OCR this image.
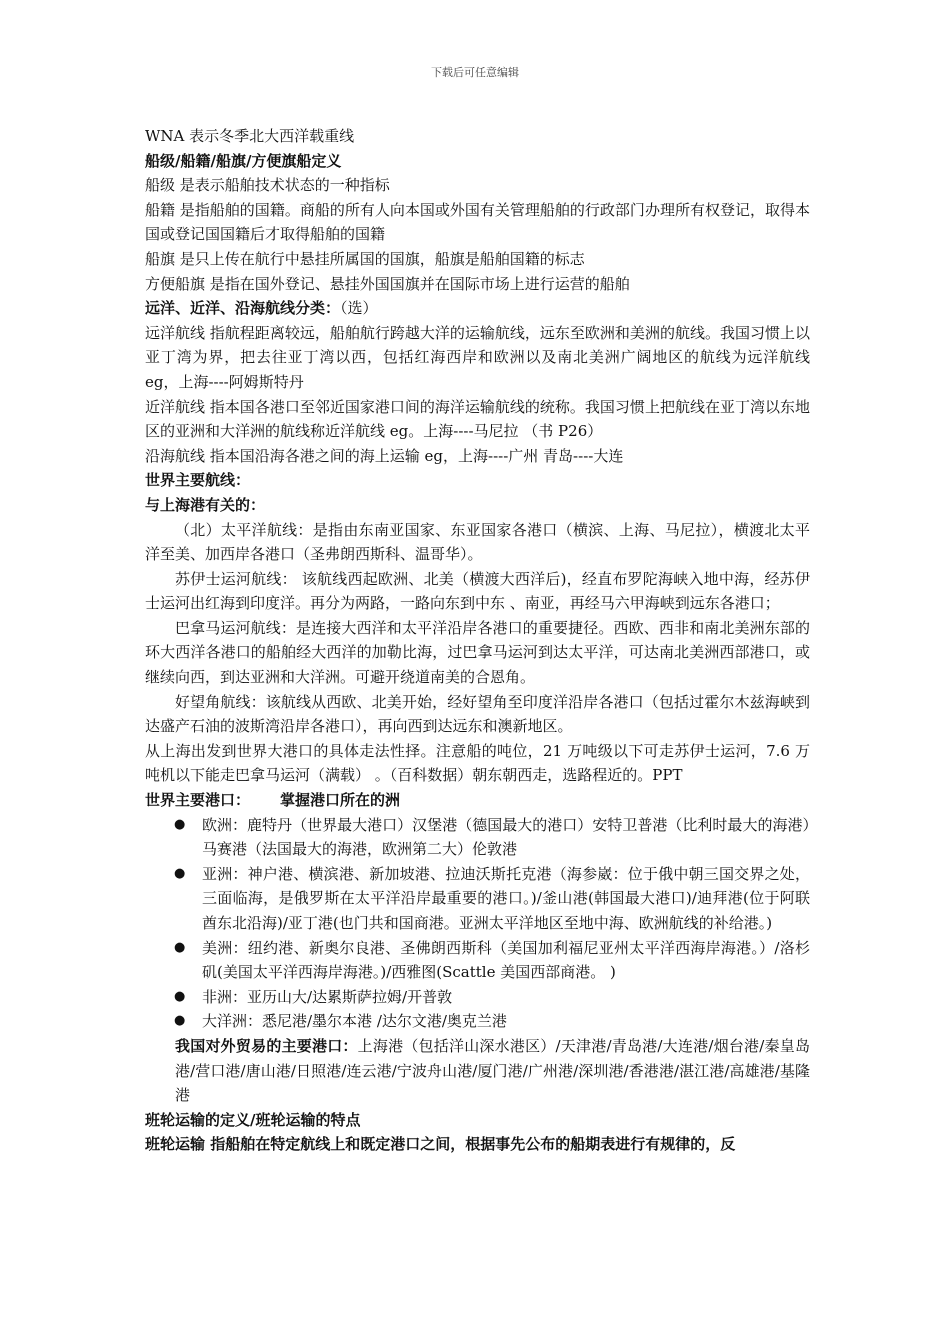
下载后可任意编辑

WNA 表示冬季北大西洋载重线

船级/船籍/船旗/方便旗船定义

船级 是表示船舶技术状态的一种指标

船籍 是指船舶的国籍。商船的所有人向本国或外国有关管理船舶的行政部门办理所有权登记，取得本国或登记国国籍后才取得船舶的国籍

船旗 是只上传在航行中悬挂所属国的国旗，船旗是船舶国籍的标志

方便船旗 是指在国外登记、悬挂外国国旗并在国际市场上进行运营的船舶

远洋、近洋、沿海航线分类：（选）

远洋航线 指航程距离较远，船舶航行跨越大洋的运输航线，远东至欧洲和美洲的航线。我国习惯上以亚丁湾为界，把去往亚丁湾以西，包括红海西岸和欧洲以及南北美洲广阔地区的航线为远洋航线 eg，上海----阿姆斯特丹

近洋航线 指本国各港口至邻近国家港口间的海洋运输航线的统称。我国习惯上把航线在亚丁湾以东地区的亚洲和大洋洲的航线称近洋航线 eg。上海----马尼拉 （书 P26）

沿海航线 指本国沿海各港之间的海上运输 eg，上海----广州 青岛----大连

世界主要航线：

与上海港有关的：

（北）太平洋航线：是指由东南亚国家、东亚国家各港口（横滨、上海、马尼拉），横渡北太平洋至美、加西岸各港口（圣弗朗西斯科、温哥华）。

苏伊士运河航线： 该航线西起欧洲、北美（横渡大西洋后)，经直布罗陀海峡入地中海，经苏伊士运河出红海到印度洋。再分为两路，一路向东到中东 、南亚，再经马六甲海峡到远东各港口；

巴拿马运河航线：是连接大西洋和太平洋沿岸各港口的重要捷径。西欧、西非和南北美洲东部的环大西洋各港口的船舶经大西洋的加勒比海，过巴拿马运河到达太平洋，可达南北美洲西部港口，或继续向西，到达亚洲和大洋洲。可避开绕道南美的合恩角。

好望角航线：该航线从西欧、北美开始，经好望角至印度洋沿岸各港口（包括过霍尔木兹海峡到达盛产石油的波斯湾沿岸各港口），再向西到达远东和澳新地区。

从上海出发到世界大港口的具体走法性择。注意船的吨位，21 万吨级以下可走苏伊士运河，7.6 万吨机以下能走巴拿马运河（满载） 。（百科数据）朝东朝西走，选路程近的。PPT

世界主要港口： 掌握港口所在的洲

● 欧洲：鹿特丹（世界最大港口）汉堡港（德国最大的港口）安特卫普港（比利时最大的海港）马赛港（法国最大的海港，欧洲第二大）伦敦港
● 亚洲：神户港、横滨港、新加坡港、拉迪沃斯托克港（海参崴：位于俄中朝三国交界之处，三面临海，是俄罗斯在太平洋沿岸最重要的港口。)/釜山港(韩国最大港口)/迪拜港(位于阿联酋东北沿海)/亚丁港(也门共和国商港。亚洲太平洋地区至地中海、欧洲航线的补给港。)
● 美洲：纽约港、新奥尔良港、圣佛朗西斯科（美国加利福尼亚州太平洋西海岸海港。）/洛杉矶(美国太平洋西海岸海港。)/西雅图(Scattle 美国西部商港。 )
● 非洲：亚历山大/达累斯萨拉姆/开普敦
● 大洋洲：悉尼港/墨尔本港 /达尔文港/奥克兰港

我国对外贸易的主要港口：上海港（包括洋山深水港区）/天津港/青岛港/大连港/烟台港/秦皇岛港/营口港/唐山港/日照港/连云港/宁波舟山港/厦门港/广州港/深圳港/香港港/湛江港/高雄港/基隆港

班轮运输的定义/班轮运输的特点

班轮运输 指船舶在特定航线上和既定港口之间，根据事先公布的船期表进行有规律的，反
